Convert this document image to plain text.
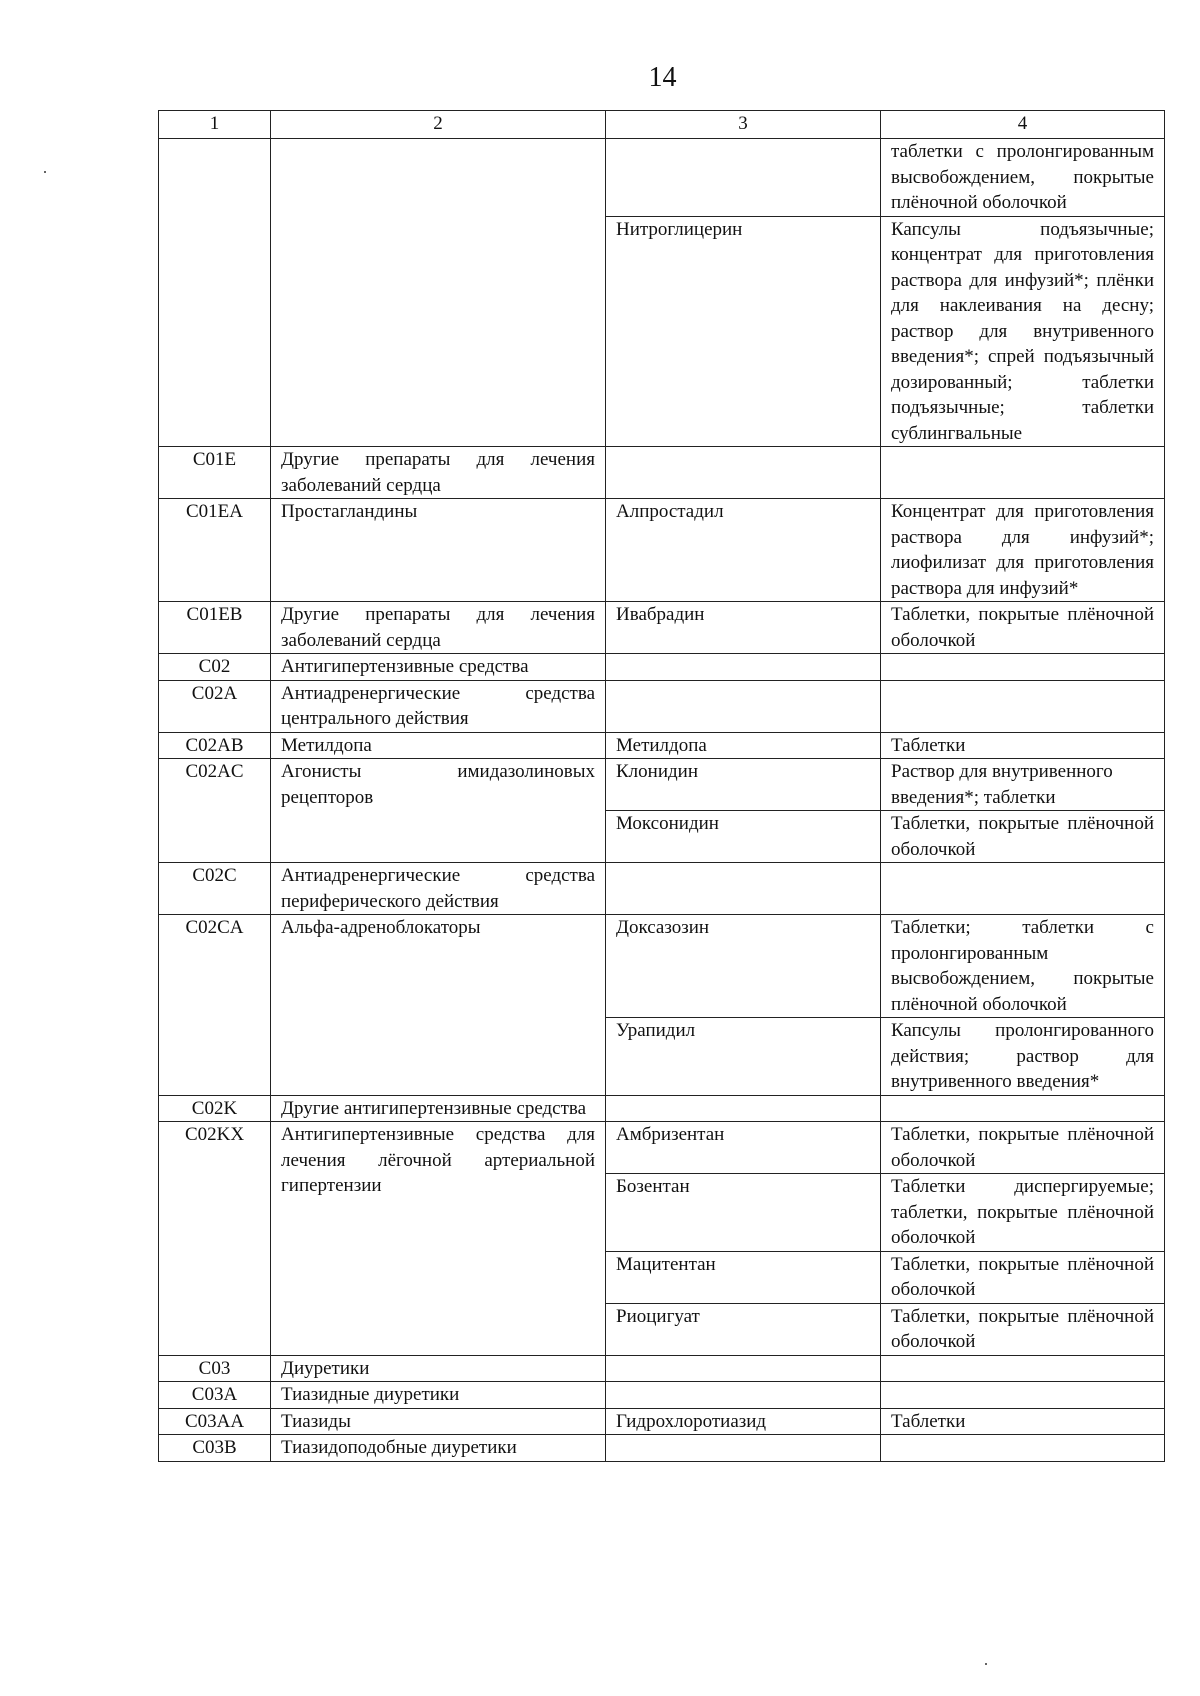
14
1	2	3	4
			таблетки с пролонгированным высвобождением, покрытые плёночной оболочкой
		Нитроглицерин	Капсулы подъязычные; концентрат для приготовления раствора для инфузий*; плёнки для наклеивания на десну; раствор для внутривенного введения*; спрей подъязычный дозированный; таблетки подъязычные; таблетки сублингвальные
C01E	Другие препараты для лечения заболеваний сердца		
C01EA	Простагландины	Алпростадил	Концентрат для приготовления раствора для инфузий*; лиофилизат для приготовления раствора для инфузий*
C01EB	Другие препараты для лечения заболеваний сердца	Ивабрадин	Таблетки, покрытые плёночной оболочкой
C02	Антигипертензивные средства		
C02A	Антиадренергические средства центрального действия		
C02AB	Метилдопа	Метилдопа	Таблетки
C02AC	Агонисты имидазолиновых рецепторов	Клонидин	Раствор для внутривенного введения*; таблетки
		Моксонидин	Таблетки, покрытые плёночной оболочкой
C02C	Антиадренергические средства периферического действия		
C02CA	Альфа-адреноблокаторы	Доксазозин	Таблетки; таблетки с пролонгированным высвобождением, покрытые плёночной оболочкой
		Урапидил	Капсулы пролонгированного действия; раствор для внутривенного введения*
C02K	Другие антигипертензивные средства		
C02KX	Антигипертензивные средства для лечения лёгочной артериальной гипертензии	Амбризентан	Таблетки, покрытые плёночной оболочкой
		Бозентан	Таблетки диспергируемые; таблетки, покрытые плёночной оболочкой
		Мацитентан	Таблетки, покрытые плёночной оболочкой
		Риоцигуат	Таблетки, покрытые плёночной оболочкой
C03	Диуретики		
C03A	Тиазидные диуретики		
C03AA	Тиазиды	Гидрохлоротиазид	Таблетки
C03B	Тиазидоподобные диуретики		
